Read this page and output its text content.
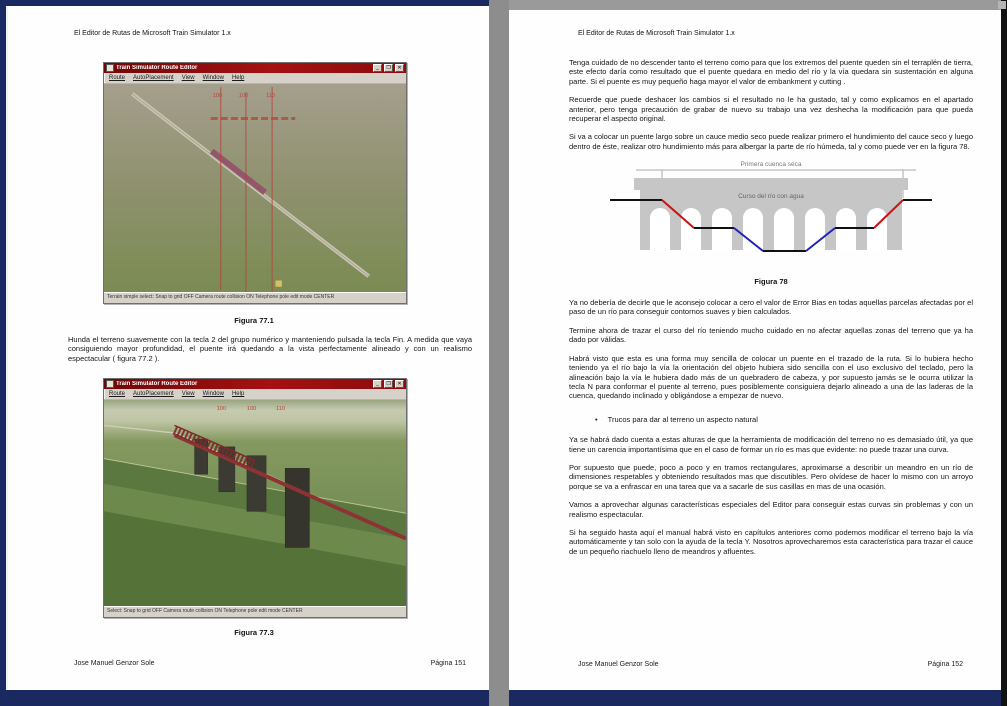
El Editor de Rutas de Microsoft Train Simulator 1.x
Train Simulator Route Editor	_	❒	✕
Route AutoPlacement View Window Help
100	100	110
Terrain simple select: Snap to grid OFF Camera route collision ON Telephone pole edit mode CENTER
Figura 77.1
Hunda el terreno suavemente con la tecla 2 del grupo numérico y manteniendo pulsada la tecla Fin. A medida que vaya consiguiendo mayor profundidad, el puente irá quedando a la vista perfectamente alineado y con un realismo espectacular ( figura 77.2 ).
Train Simulator Route Editor	_	❒	✕
Route AutoPlacement View Window Help
100	100	110
Select: Snap to grid OFF Camera route collision ON Telephone pole edit mode CENTER
Figura 77.3
Jose Manuel Genzor Sole	Página 151
El Editor de Rutas de Microsoft Train Simulator 1.x

Tenga cuidado de no descender tanto el terreno como para que los extremos del puente queden sin el terraplén de tierra, este efecto daría como resultado que el puente quedara en medio del río y la vía quedara sin sustentación en alguna parte. Si el puente es muy pequeño haga mayor el valor de embankment y cutting .

Recuerde que puede deshacer los cambios si el resultado no le ha gustado, tal y como explicamos en el apartado anterior, pero tenga precaución de grabar de nuevo su trabajo una vez deshecha la modificación para que pueda recuperar el aspecto original.

Si va a colocar un puente largo sobre un cauce medio seco puede realizar primero el hundimiento del cauce seco y luego dentro de éste, realizar otro hundimiento más para albergar la parte de río húmeda, tal y como puede ver en la figura 78.

Primera cuenca seca
Curso del río con agua
Figura 78

Ya no debería de decirle que le aconsejo colocar a cero el valor de Error Bias en todas aquellas parcelas afectadas por el paso de un río para conseguir contornos suaves y bien calculados.

Termine ahora de trazar el curso del río teniendo mucho cuidado en no afectar aquellas zonas del terreno que ya ha dado por válidas.

Habrá visto que esta es una forma muy sencilla de colocar un puente en el trazado de la ruta. Si lo hubiera hecho teniendo ya el río bajo la vía la orientación del objeto hubiera sido sencilla con el uso exclusivo del teclado, pero la alineación bajo la vía le hubiera dado más de un quebradero de cabeza, y por supuesto jamás se le ocurra utilizar la tecla N para conformar el puente al terreno, pues posiblemente consiguiera dejarlo alineado a una de las laderas de la cuenca, quedando inclinado y obligándose a empezar de nuevo.

• Trucos para dar al terreno un aspecto natural

Ya se habrá dado cuenta a estas alturas de que la herramienta de modificación del terreno no es demasiado útil, ya que tiene un carencia importantísima que en el caso de formar un río es mas que evidente: no puede trazar una curva.

Por supuesto que puede, poco a poco y en tramos rectangulares, aproximarse a describir un meandro en un río de dimensiones respetables y obteniendo resultados mas que discutibles. Pero olvídese de hacer lo mismo con un arroyo porque se va a enfrascar en una tarea que va a sacarle de sus casillas en mas de una ocasión.

Vamos a aprovechar algunas características especiales del Editor para conseguir estas curvas sin problemas y con un realismo espectacular.

Si ha seguido hasta aquí el manual habrá visto en capítulos anteriores como podemos modificar el terreno bajo la vía automáticamente y tan solo con la ayuda de la tecla Y. Nosotros aprovecharemos esta característica para trazar el cauce de un pequeño riachuelo lleno de meandros y afluentes.

Jose Manuel Genzor Sole	Página 152
